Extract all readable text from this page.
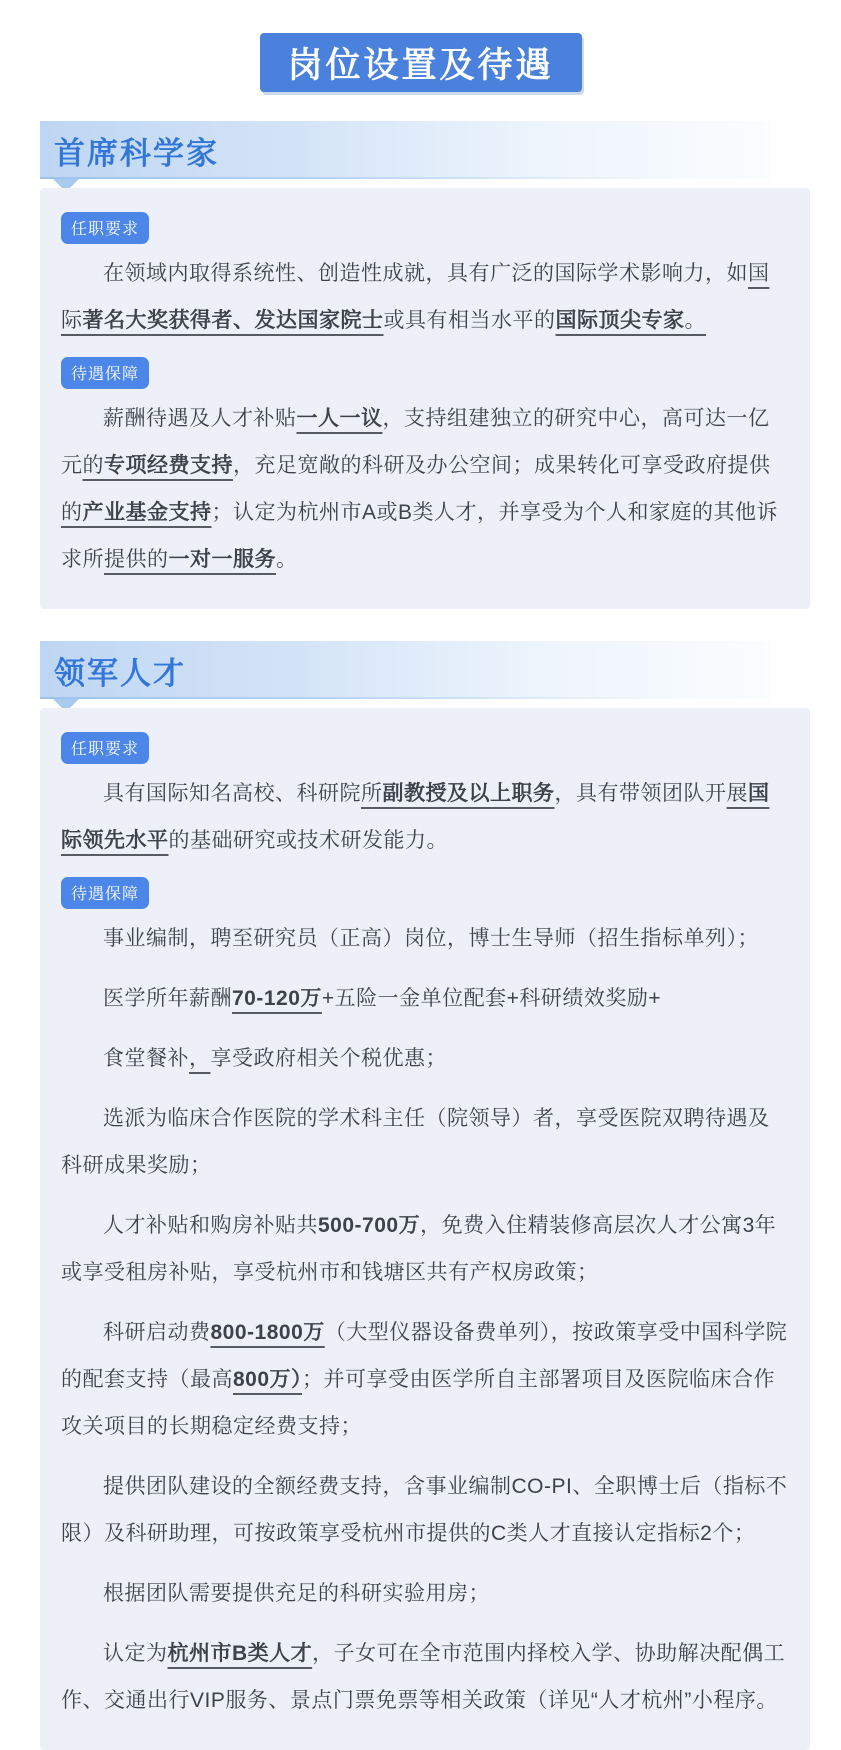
岗位设置及待遇
首席科学家
任职要求

在领域内取得系统性、创造性成就，具有广泛的国际学术影响力，如国际著名大奖获得者、发达国家院士或具有相当水平的国际顶尖专家。

待遇保障

薪酬待遇及人才补贴一人一议，支持组建独立的研究中心，高可达一亿元的专项经费支持，充足宽敞的科研及办公空间；成果转化可享受政府提供的产业基金支持；认定为杭州市A或B类人才，并享受为个人和家庭的其他诉求所提供的一对一服务。

领军人才
任职要求

具有国际知名高校、科研院所副教授及以上职务，具有带领团队开展国际领先水平的基础研究或技术研发能力。

待遇保障

事业编制，聘至研究员（正高）岗位，博士生导师（招生指标单列）；

医学所年薪酬70-120万+五险一金单位配套+科研绩效奖励+

食堂餐补，享受政府相关个税优惠；

选派为临床合作医院的学术科主任（院领导）者，享受医院双聘待遇及科研成果奖励；

人才补贴和购房补贴共500-700万，免费入住精装修高层次人才公寓3年或享受租房补贴，享受杭州市和钱塘区共有产权房政策；

科研启动费800-1800万（大型仪器设备费单列），按政策享受中国科学院的配套支持（最高800万）；并可享受由医学所自主部署项目及医院临床合作攻关项目的长期稳定经费支持；

提供团队建设的全额经费支持，含事业编制CO-PI、全职博士后（指标不限）及科研助理，可按政策享受杭州市提供的C类人才直接认定指标2个；

根据团队需要提供充足的科研实验用房；

认定为杭州市B类人才，子女可在全市范围内择校入学、协助解决配偶工作、交通出行VIP服务、景点门票免票等相关政策（详见“人才杭州”小程序。
